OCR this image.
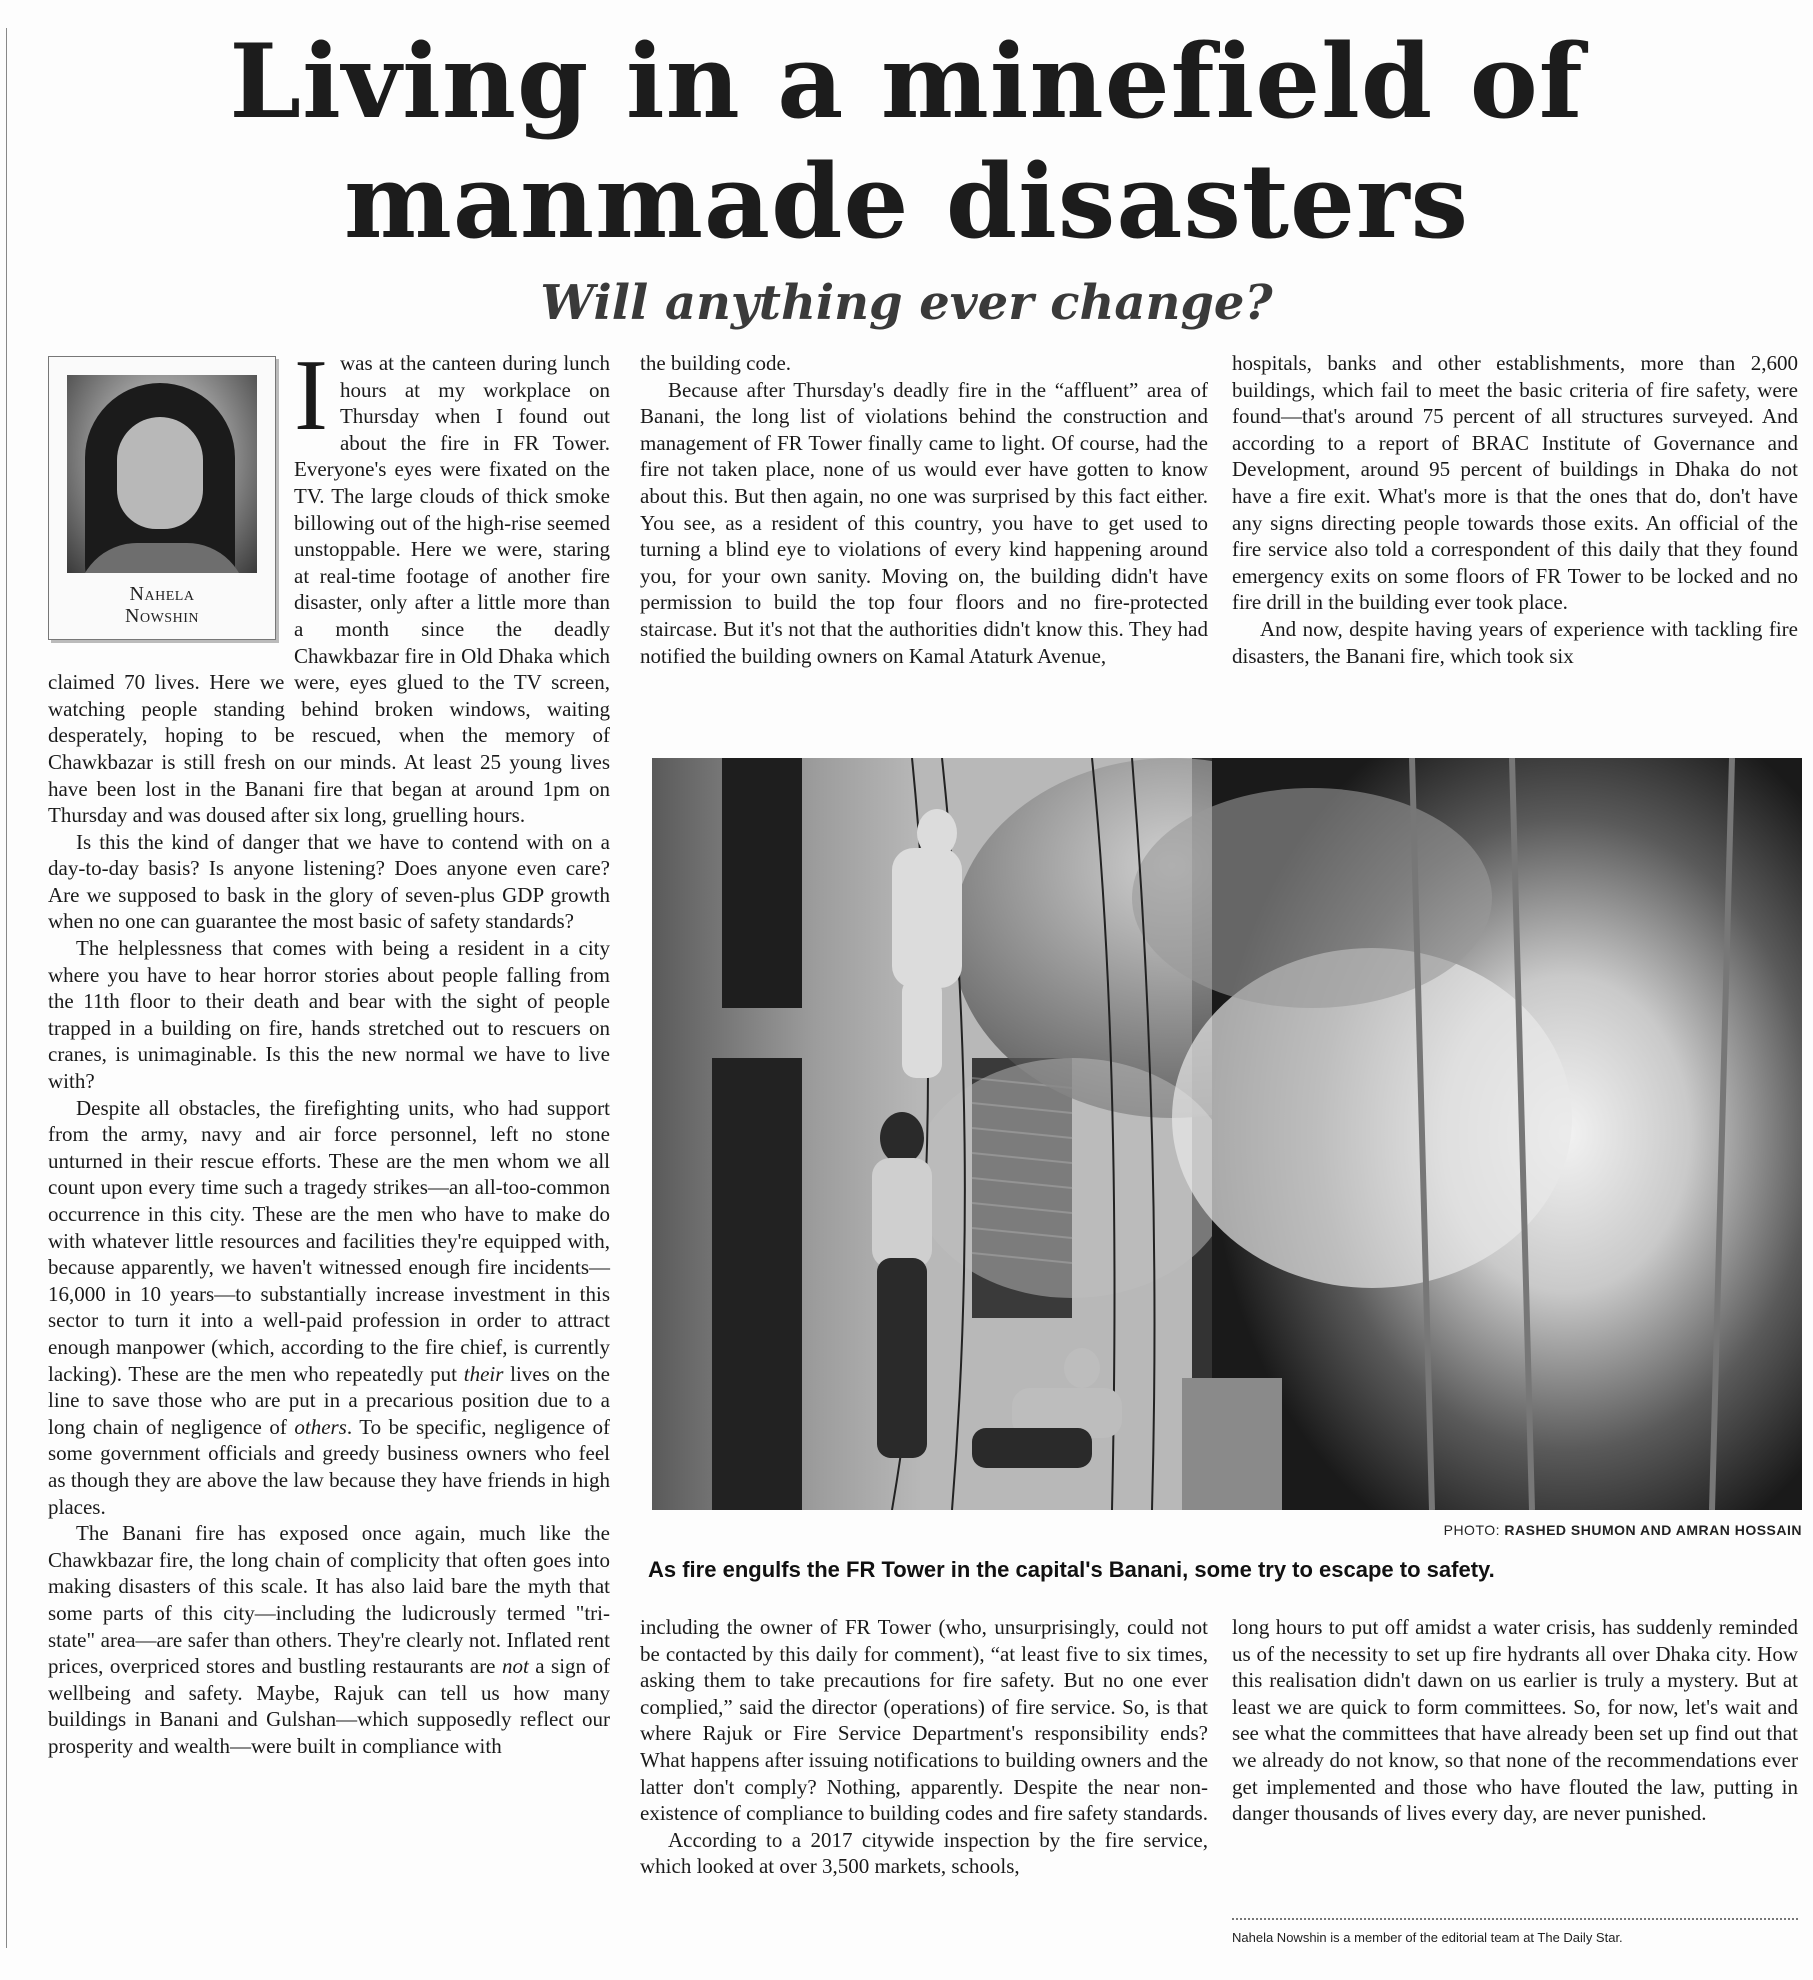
Living in a minefield of
manmade disasters
Will anything ever change?
Nahela
Nowshin

Iwas at the canteen during lunch hours at my workplace on Thursday when I found out about the fire in FR Tower. Everyone's eyes were fixated on the TV. The large clouds of thick smoke billowing out of the high-rise seemed unstoppable. Here we were, staring at real-time footage of another fire disaster, only after a little more than a month since the deadly Chawkbazar fire in Old Dhaka which claimed 70 lives. Here we were, eyes glued to the TV screen, watching people standing behind broken windows, waiting desperately, hoping to be rescued, when the memory of Chawkbazar is still fresh on our minds. At least 25 young lives have been lost in the Banani fire that began at around 1pm on Thursday and was doused after six long, gruelling hours.

Is this the kind of danger that we have to contend with on a day-to-day basis? Is anyone listening? Does anyone even care? Are we supposed to bask in the glory of seven-plus GDP growth when no one can guarantee the most basic of safety standards?

The helplessness that comes with being a resident in a city where you have to hear horror stories about people falling from the 11th floor to their death and bear with the sight of people trapped in a building on fire, hands stretched out to rescuers on cranes, is unimaginable. Is this the new normal we have to live with?

Despite all obstacles, the firefighting units, who had support from the army, navy and air force personnel, left no stone unturned in their rescue efforts. These are the men whom we all count upon every time such a tragedy strikes—an all-too-common occurrence in this city. These are the men who have to make do with whatever little resources and facilities they're equipped with, because apparently, we haven't witnessed enough fire incidents—16,000 in 10 years—to substantially increase investment in this sector to turn it into a well-paid profession in order to attract enough manpower (which, according to the fire chief, is currently lacking). These are the men who repeatedly put their lives on the line to save those who are put in a precarious position due to a long chain of negligence of others. To be specific, negligence of some government officials and greedy business owners who feel as though they are above the law because they have friends in high places.

The Banani fire has exposed once again, much like the Chawkbazar fire, the long chain of complicity that often goes into making disasters of this scale. It has also laid bare the myth that some parts of this city—including the ludicrously termed "tri-state" area—are safer than others. They're clearly not. Inflated rent prices, overpriced stores and bustling restaurants are not a sign of wellbeing and safety. Maybe, Rajuk can tell us how many buildings in Banani and Gulshan—which supposedly reflect our prosperity and wealth—were built in compliance with

the building code.

Because after Thursday's deadly fire in the “affluent” area of Banani, the long list of violations behind the construction and management of FR Tower finally came to light. Of course, had the fire not taken place, none of us would ever have gotten to know about this. But then again, no one was surprised by this fact either. You see, as a resident of this country, you have to get used to turning a blind eye to violations of every kind happening around you, for your own sanity. Moving on, the building didn't have permission to build the top four floors and no fire-protected staircase. But it's not that the authorities didn't know this. They had notified the building owners on Kamal Ataturk Avenue,

hospitals, banks and other establishments, more than 2,600 buildings, which fail to meet the basic criteria of fire safety, were found—that's around 75 percent of all structures surveyed. And according to a report of BRAC Institute of Governance and Development, around 95 percent of buildings in Dhaka do not have a fire exit. What's more is that the ones that do, don't have any signs directing people towards those exits. An official of the fire service also told a correspondent of this daily that they found emergency exits on some floors of FR Tower to be locked and no fire drill in the building ever took place.

And now, despite having years of experience with tackling fire disasters, the Banani fire, which took six

PHOTO: RASHED SHUMON AND AMRAN HOSSAIN
As fire engulfs the FR Tower in the capital's Banani, some try to escape to safety.

including the owner of FR Tower (who, unsurprisingly, could not be contacted by this daily for comment), “at least five to six times, asking them to take precautions for fire safety. But no one ever complied,” said the director (operations) of fire service. So, is that where Rajuk or Fire Service Department's responsibility ends? What happens after issuing notifications to building owners and the latter don't comply? Nothing, apparently. Despite the near non-existence of compliance to building codes and fire safety standards.

According to a 2017 citywide inspection by the fire service, which looked at over 3,500 markets, schools,

long hours to put off amidst a water crisis, has suddenly reminded us of the necessity to set up fire hydrants all over Dhaka city. How this realisation didn't dawn on us earlier is truly a mystery. But at least we are quick to form committees. So, for now, let's wait and see what the committees that have already been set up find out that we already do not know, so that none of the recommendations ever get implemented and those who have flouted the law, putting in danger thousands of lives every day, are never punished.

Nahela Nowshin is a member of the editorial team at The Daily Star.
